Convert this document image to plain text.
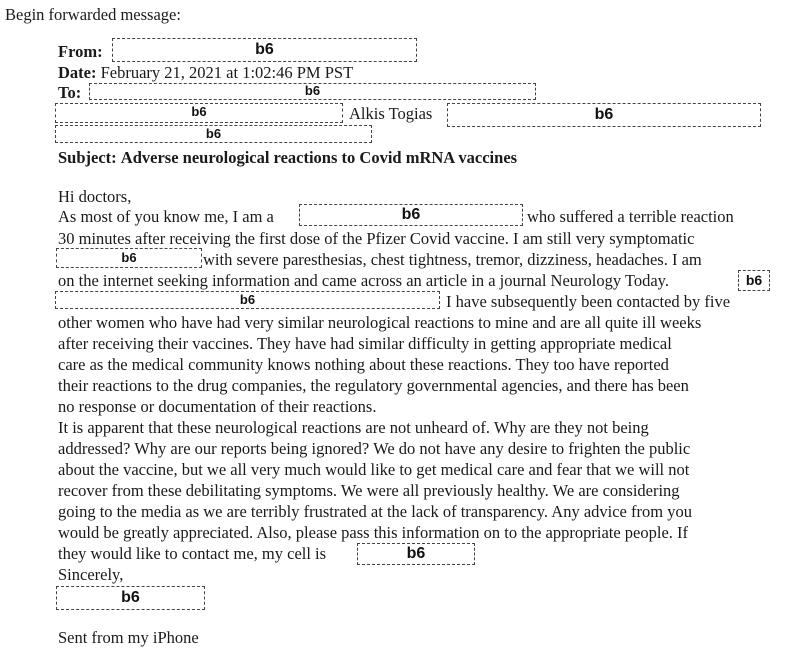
Begin forwarded message:
From:	b6
Date: February 21, 2021 at 1:02:46 PM PST
To:	b6
b6	Alkis Togias	b6
b6
Subject: Adverse neurological reactions to Covid mRNA vaccines
Hi doctors,
As most of you know me, I am a	b6	who suffered a terrible reaction
30 minutes after receiving the first dose of the Pfizer Covid vaccine. I am still very symptomatic
b6	with severe paresthesias, chest tightness, tremor, dizziness, headaches. I am
on the internet seeking information and came across an article in a journal Neurology Today.	b6
b6	I have subsequently been contacted by five
other women who have had very similar neurological reactions to mine and are all quite ill weeks
after receiving their vaccines. They have had similar difficulty in getting appropriate medical
care as the medical community knows nothing about these reactions. They too have reported
their reactions to the drug companies, the regulatory governmental agencies, and there has been
no response or documentation of their reactions.
It is apparent that these neurological reactions are not unheard of. Why are they not being
addressed? Why are our reports being ignored? We do not have any desire to frighten the public
about the vaccine, but we all very much would like to get medical care and fear that we will not
recover from these debilitating symptoms. We were all previously healthy. We are considering
going to the media as we are terribly frustrated at the lack of transparency. Any advice from you
would be greatly appreciated. Also, please pass this information on to the appropriate people. If
they would like to contact me, my cell is	b6
Sincerely,
b6
Sent from my iPhone
